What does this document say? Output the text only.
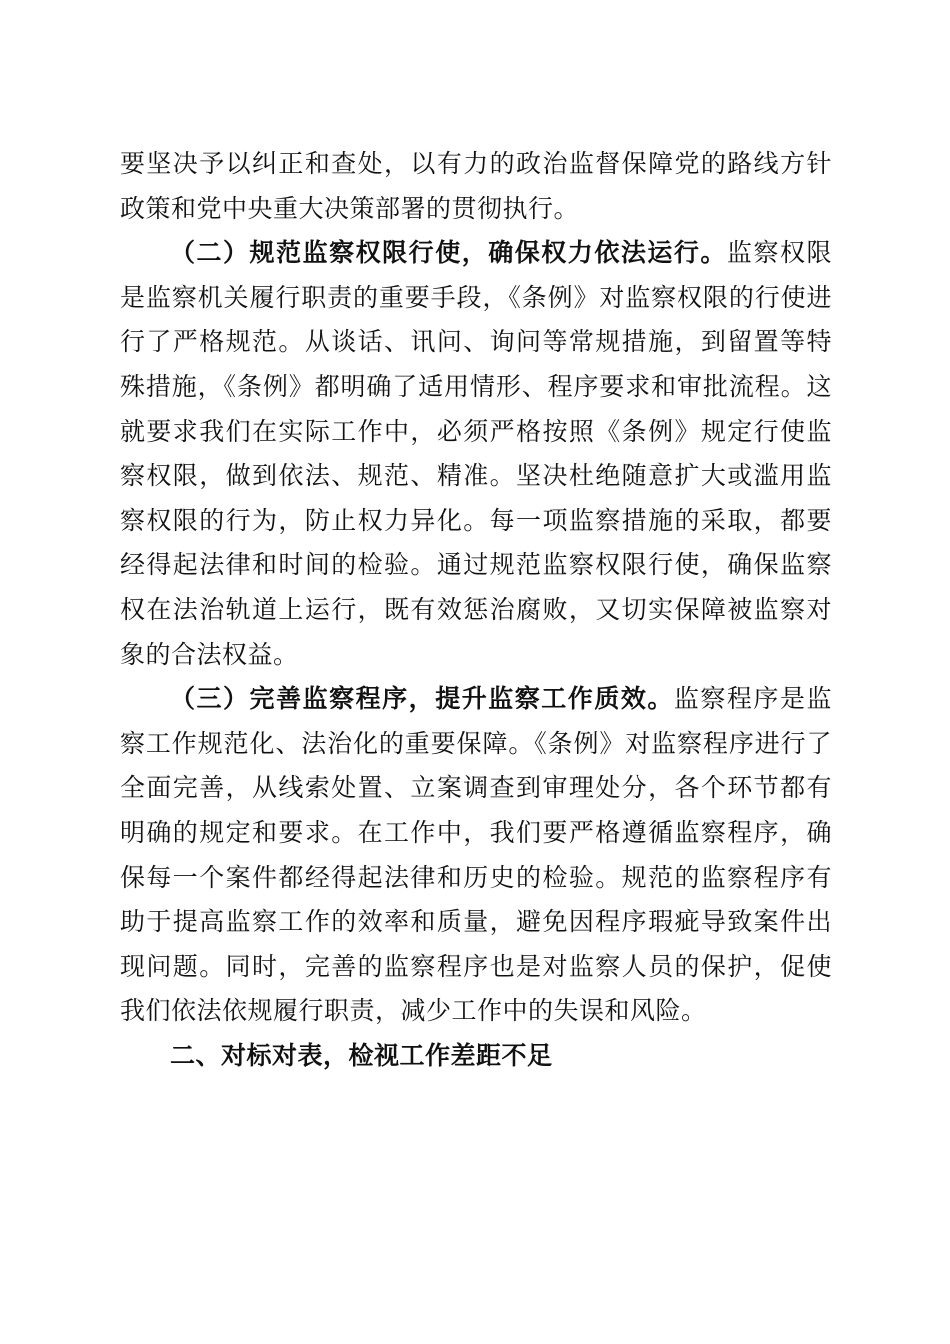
要坚决予以纠正和查处，以有力的政治监督保障党的路线方针政策和党中央重大决策部署的贯彻执行。

（二）规范监察权限行使，确保权力依法运行。监察权限是监察机关履行职责的重要手段，《条例》对监察权限的行使进行了严格规范。从谈话、讯问、询问等常规措施，到留置等特殊措施，《条例》都明确了适用情形、程序要求和审批流程。这就要求我们在实际工作中，必须严格按照《条例》规定行使监察权限，做到依法、规范、精准。坚决杜绝随意扩大或滥用监察权限的行为，防止权力异化。每一项监察措施的采取，都要经得起法律和时间的检验。通过规范监察权限行使，确保监察权在法治轨道上运行，既有效惩治腐败，又切实保障被监察对象的合法权益。

（三）完善监察程序，提升监察工作质效。监察程序是监察工作规范化、法治化的重要保障。《条例》对监察程序进行了全面完善，从线索处置、立案调查到审理处分，各个环节都有明确的规定和要求。在工作中，我们要严格遵循监察程序，确保每一个案件都经得起法律和历史的检验。规范的监察程序有助于提高监察工作的效率和质量，避免因程序瑕疵导致案件出现问题。同时，完善的监察程序也是对监察人员的保护，促使我们依法依规履行职责，减少工作中的失误和风险。

二、对标对表，检视工作差距不足
